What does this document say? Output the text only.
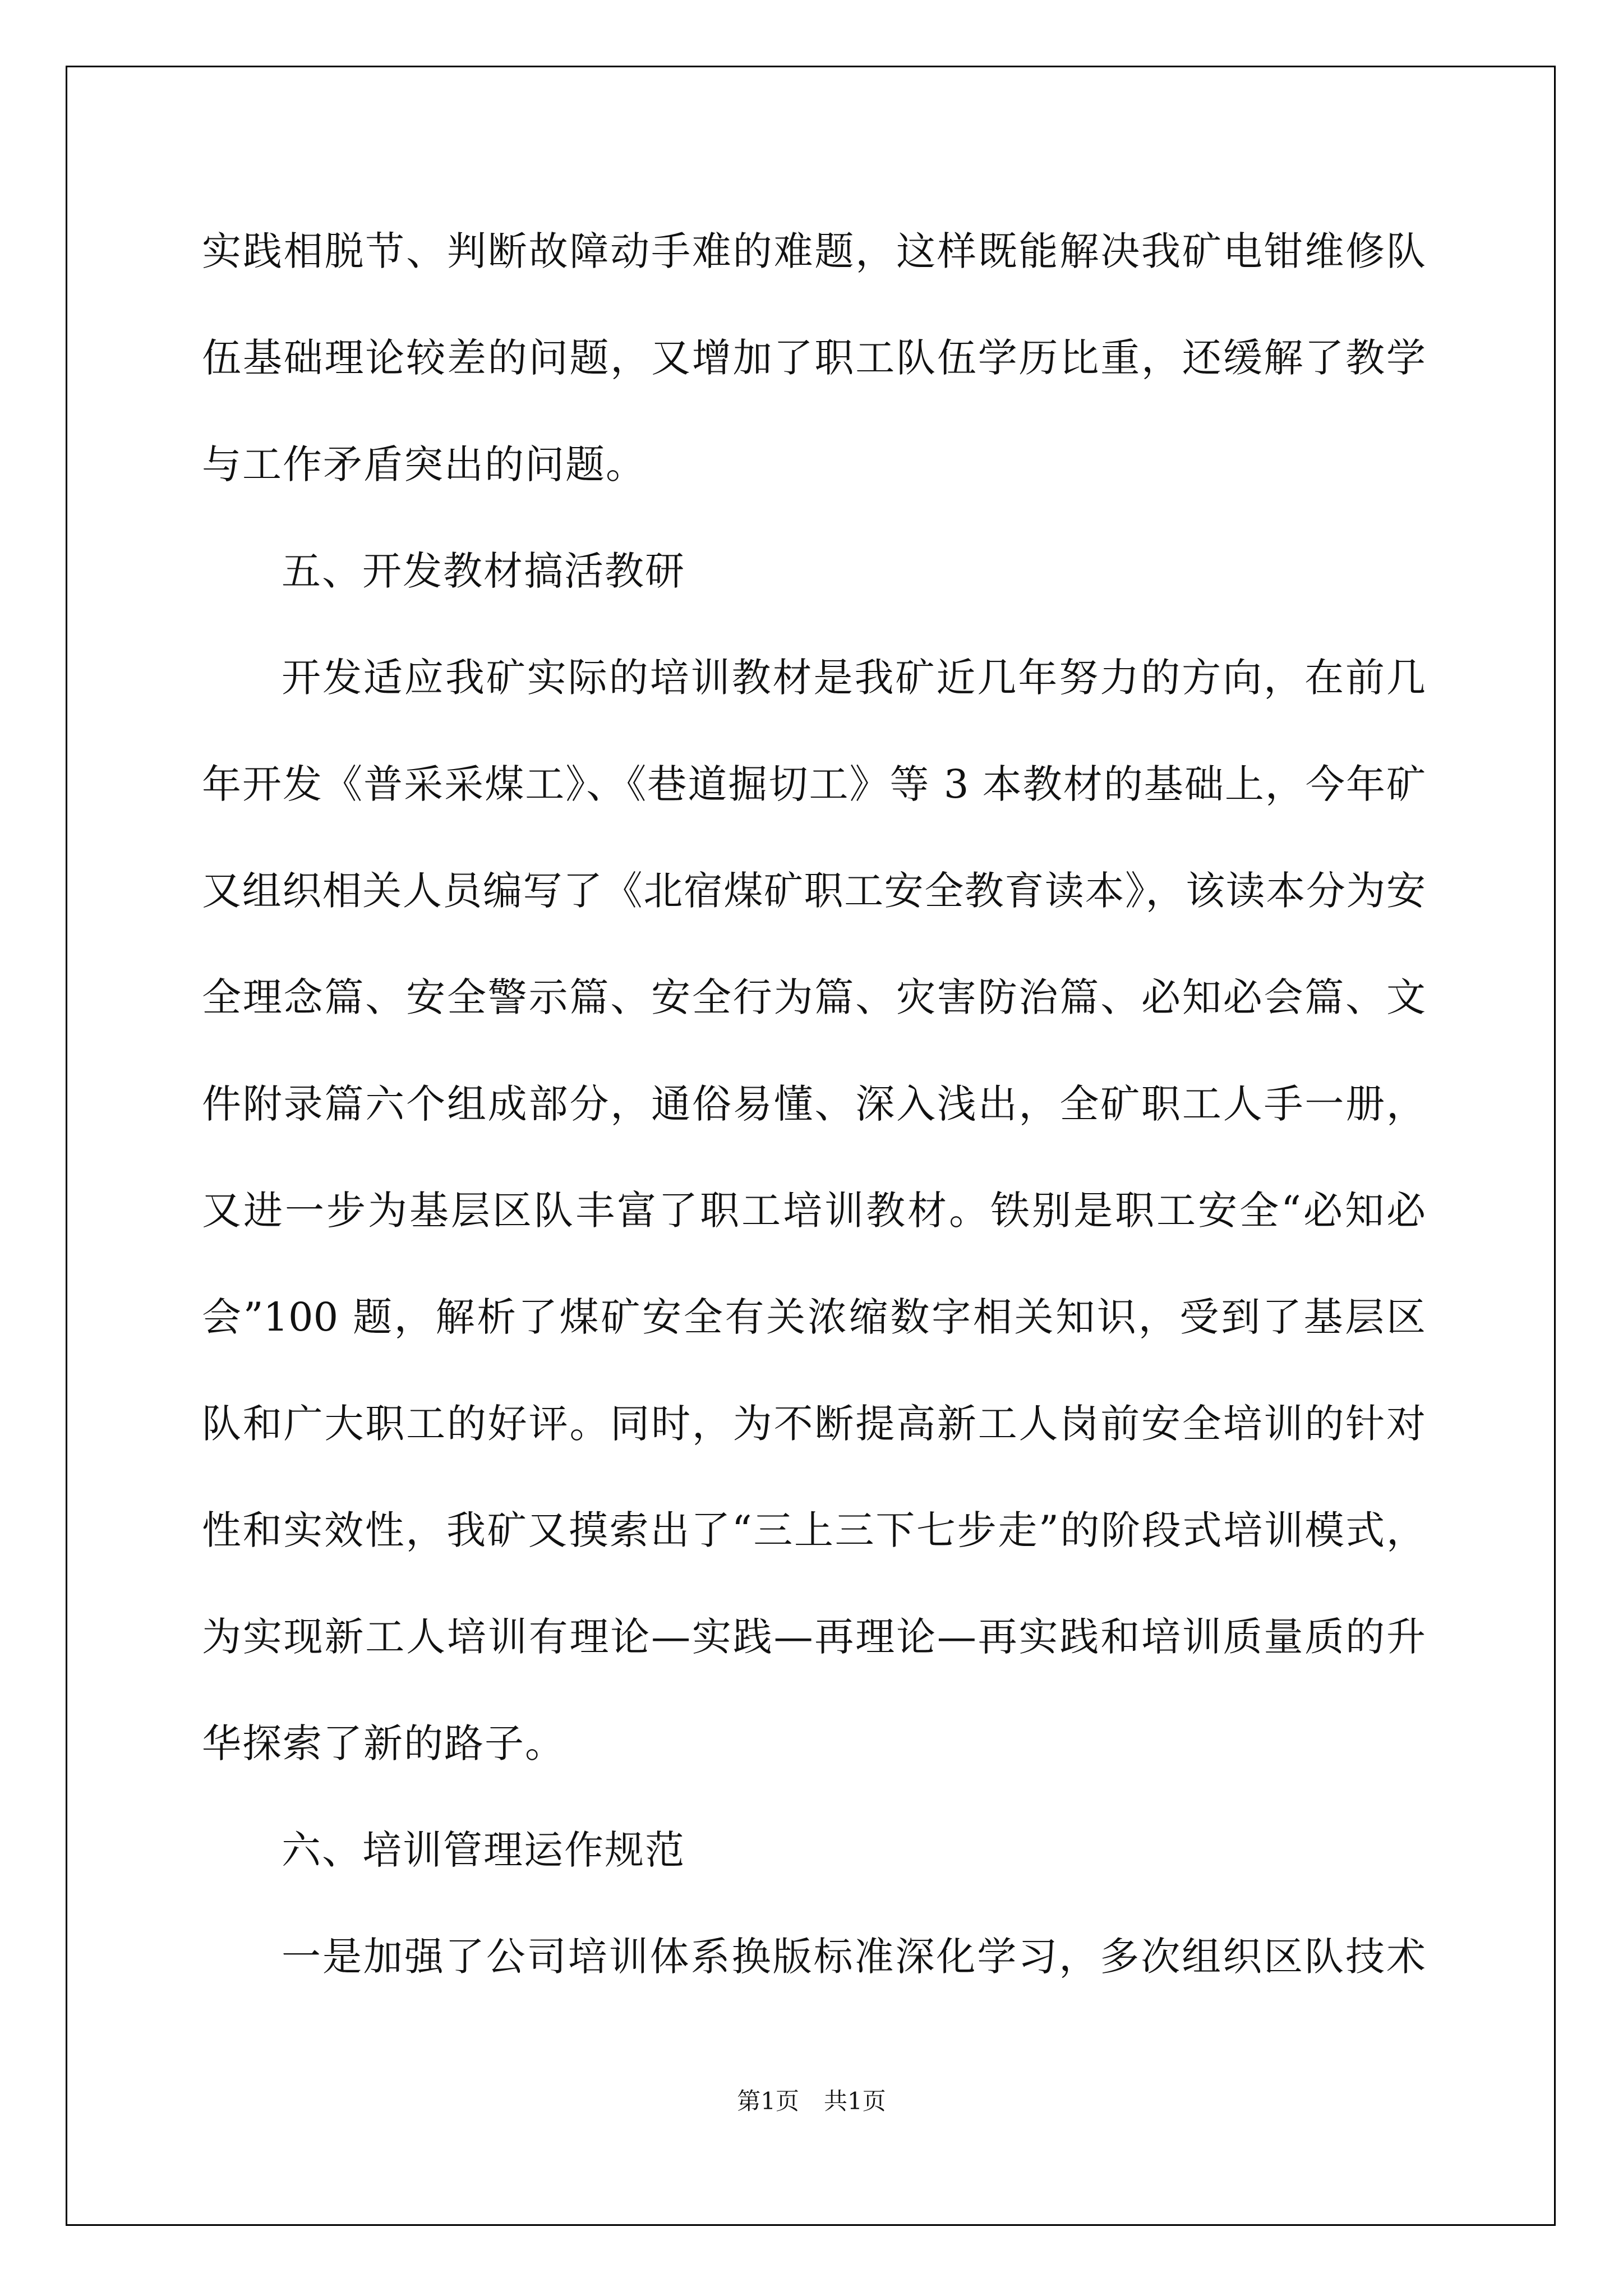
实践相脱节、判断故障动手难的难题，这样既能解决我矿电钳维修队
伍基础理论较差的问题，又增加了职工队伍学历比重，还缓解了教学
与工作矛盾突出的问题。
五、开发教材搞活教研
开发适应我矿实际的培训教材是我矿近几年努力的方向，在前几
年开发《普采采煤工》、《巷道掘切工》等 3 本教材的基础上，今年矿
又组织相关人员编写了《北宿煤矿职工安全教育读本》，该读本分为安
全理念篇、安全警示篇、安全行为篇、灾害防治篇、必知必会篇、文
件附录篇六个组成部分，通俗易懂、深入浅出，全矿职工人手一册，
又进一步为基层区队丰富了职工培训教材。铁别是职工安全“必知必
会”100 题，解析了煤矿安全有关浓缩数字相关知识，受到了基层区
队和广大职工的好评。同时，为不断提高新工人岗前安全培训的针对
性和实效性，我矿又摸索出了“三上三下七步走”的阶段式培训模式，
为实现新工人培训有理论—实践—再理论—再实践和培训质量质的升
华探索了新的路子。
六、培训管理运作规范
一是加强了公司培训体系换版标准深化学习，多次组织区队技术
第1页 共1页
